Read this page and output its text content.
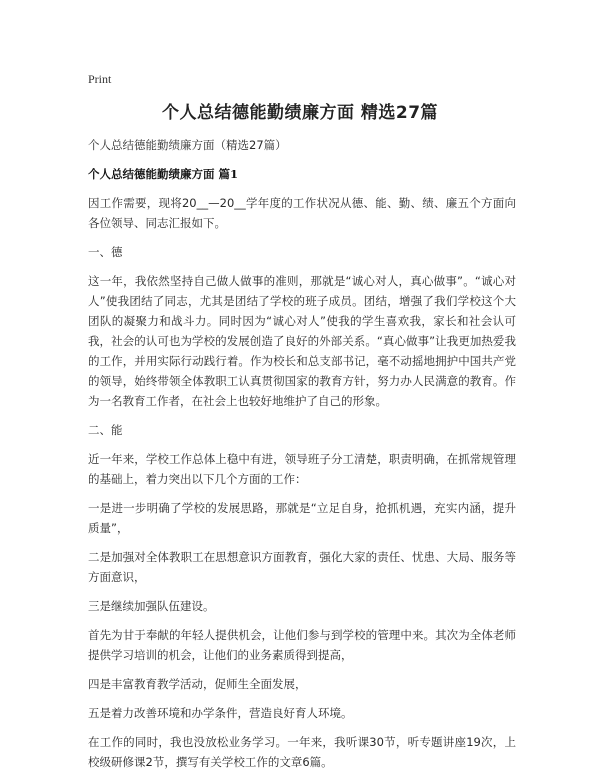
Print
个人总结德能勤绩廉方面 精选27篇

个人总结德能勤绩廉方面（精选27篇）

个人总结德能勤绩廉方面 篇1

因工作需要，现将20__—20__学年度的工作状况从德、能、勤、绩、廉五个方面向各位领导、同志汇报如下。

一、德

这一年，我依然坚持自己做人做事的准则，那就是“诚心对人，真心做事”。“诚心对人”使我团结了同志，尤其是团结了学校的班子成员。团结，增强了我们学校这个大团队的凝聚力和战斗力。同时因为“诚心对人”使我的学生喜欢我，家长和社会认可我，社会的认可也为学校的发展创造了良好的外部关系。“真心做事”让我更加热爱我的工作，并用实际行动践行着。作为校长和总支部书记，毫不动摇地拥护中国共产党的领导，始终带领全体教职工认真贯彻国家的教育方针，努力办人民满意的教育。作为一名教育工作者，在社会上也较好地维护了自己的形象。

二、能

近一年来，学校工作总体上稳中有进，领导班子分工清楚，职责明确，在抓常规管理的基础上，着力突出以下几个方面的工作：

一是进一步明确了学校的发展思路，那就是“立足自身，抢抓机遇，充实内涵，提升质量”，

二是加强对全体教职工在思想意识方面教育，强化大家的责任、忧患、大局、服务等方面意识，

三是继续加强队伍建设。

首先为甘于奉献的年轻人提供机会，让他们参与到学校的管理中来。其次为全体老师提供学习培训的机会，让他们的业务素质得到提高，

四是丰富教育教学活动，促师生全面发展，

五是着力改善环境和办学条件，营造良好育人环境。

在工作的同时，我也没放松业务学习。一年来，我听课30节，听专题讲座19次，上校级研修课2节，撰写有关学校工作的文章6篇。
